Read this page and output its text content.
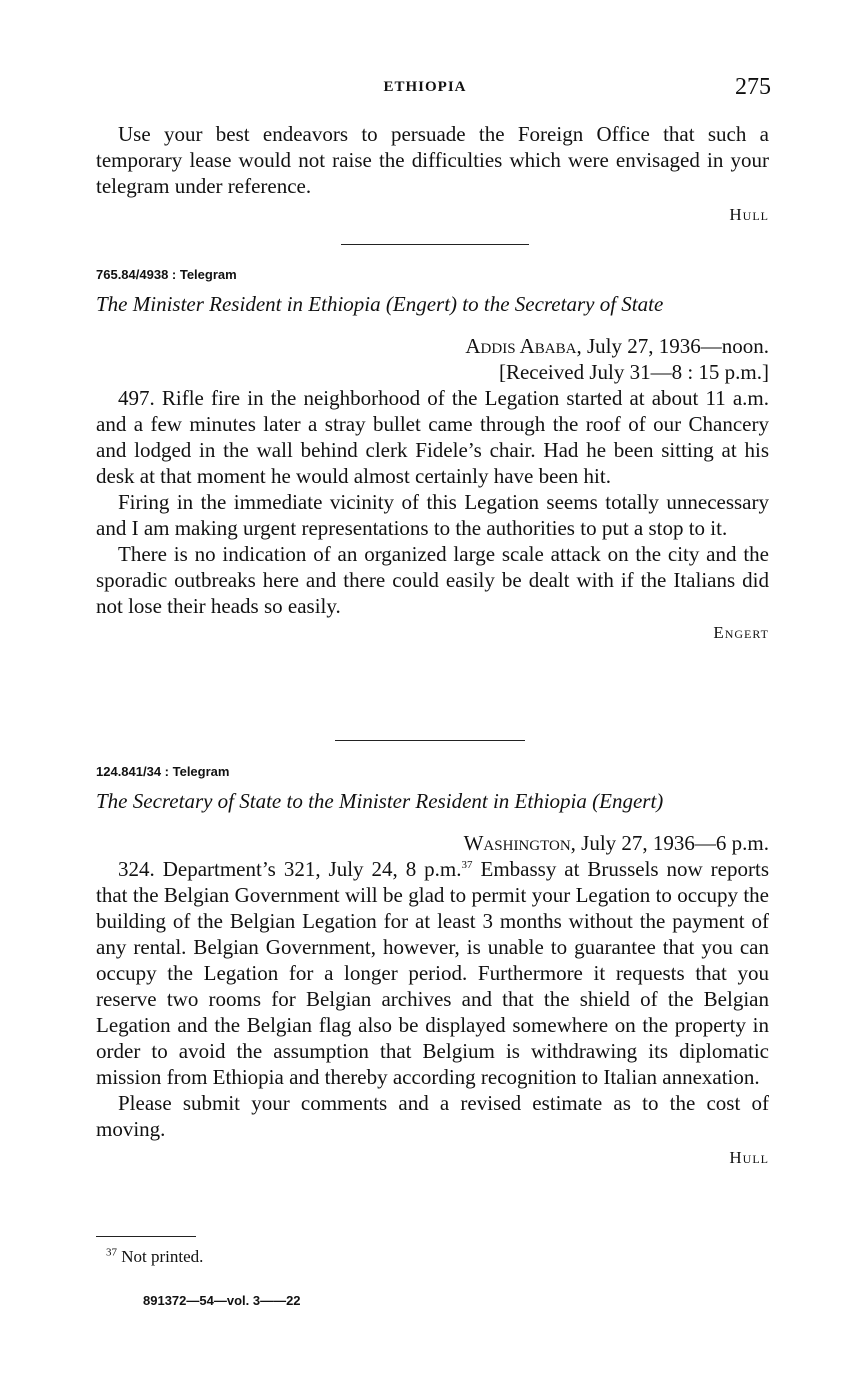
ETHIOPIA	275

Use your best endeavors to persuade the Foreign Office that such a temporary lease would not raise the difficulties which were envisaged in your telegram under reference.

Hull
765.84/4938 : Telegram
The Minister Resident in Ethiopia (Engert) to the Secretary of State
Addis Ababa, July 27, 1936—noon.
[Received July 31—8 : 15 p.m.]

497. Rifle fire in the neighborhood of the Legation started at about 11 a.m. and a few minutes later a stray bullet came through the roof of our Chancery and lodged in the wall behind clerk Fidele’s chair. Had he been sitting at his desk at that moment he would almost certainly have been hit.

Firing in the immediate vicinity of this Legation seems totally unnecessary and I am making urgent representations to the authorities to put a stop to it.

There is no indication of an organized large scale attack on the city and the sporadic outbreaks here and there could easily be dealt with if the Italians did not lose their heads so easily.

Engert
124.841/34 : Telegram
The Secretary of State to the Minister Resident in Ethiopia (Engert)
Washington, July 27, 1936—6 p.m.

324. Department’s 321, July 24, 8 p.m.$^{37}$ Embassy at Brussels now reports that the Belgian Government will be glad to permit your Legation to occupy the building of the Belgian Legation for at least 3 months without the payment of any rental. Belgian Government, however, is unable to guarantee that you can occupy the Legation for a longer period. Furthermore it requests that you reserve two rooms for Belgian archives and that the shield of the Belgian Legation and the Belgian flag also be displayed somewhere on the property in order to avoid the assumption that Belgium is withdrawing its diplomatic mission from Ethiopia and thereby according recognition to Italian annexation.

Please submit your comments and a revised estimate as to the cost of moving.

Hull
$^{37}$ Not printed.
891372—54—vol. 3——22
